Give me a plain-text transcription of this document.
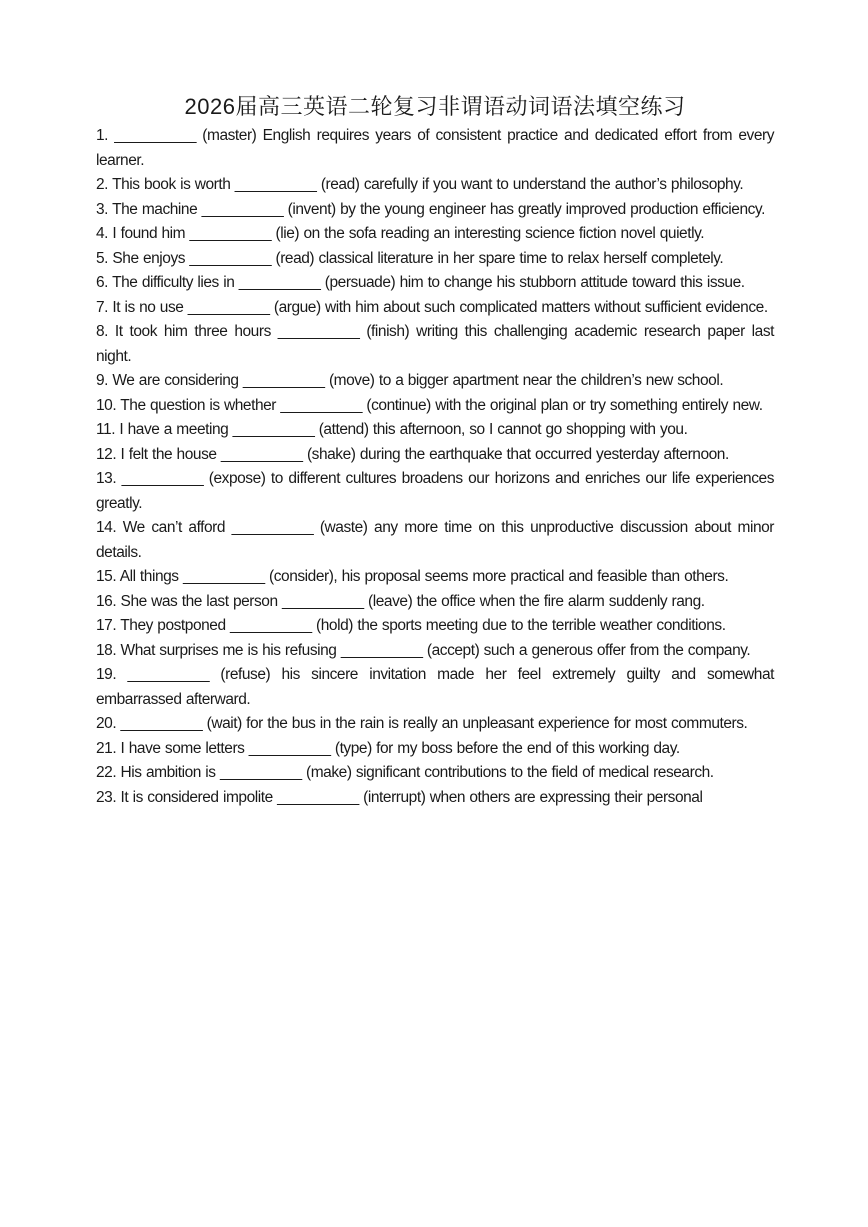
2026届高三英语二轮复习非谓语动词语法填空练习
1. __________ (master) English requires years of consistent practice and dedicated effort from every learner.
2. This book is worth __________ (read) carefully if you want to understand the author’s philosophy.
3. The machine __________ (invent) by the young engineer has greatly improved production efficiency.
4. I found him __________ (lie) on the sofa reading an interesting science fiction novel quietly.
5. She enjoys __________ (read) classical literature in her spare time to relax herself completely.
6. The difficulty lies in __________ (persuade) him to change his stubborn attitude toward this issue.
7. It is no use __________ (argue) with him about such complicated matters without sufficient evidence.
8. It took him three hours __________ (finish) writing this challenging academic research paper last night.
9. We are considering __________ (move) to a bigger apartment near the children’s new school.
10. The question is whether __________ (continue) with the original plan or try something entirely new.
11. I have a meeting __________ (attend) this afternoon, so I cannot go shopping with you.
12. I felt the house __________ (shake) during the earthquake that occurred yesterday afternoon.
13. __________ (expose) to different cultures broadens our horizons and enriches our life experiences greatly.
14. We can’t afford __________ (waste) any more time on this unproductive discussion about minor details.
15. All things __________ (consider), his proposal seems more practical and feasible than others.
16. She was the last person __________ (leave) the office when the fire alarm suddenly rang.
17. They postponed __________ (hold) the sports meeting due to the terrible weather conditions.
18. What surprises me is his refusing __________ (accept) such a generous offer from the company.
19. __________ (refuse) his sincere invitation made her feel extremely guilty and somewhat embarrassed afterward.
20. __________ (wait) for the bus in the rain is really an unpleasant experience for most commuters.
21. I have some letters __________ (type) for my boss before the end of this working day.
22. His ambition is __________ (make) significant contributions to the field of medical research.
23. It is considered impolite __________ (interrupt) when others are expressing their personal
